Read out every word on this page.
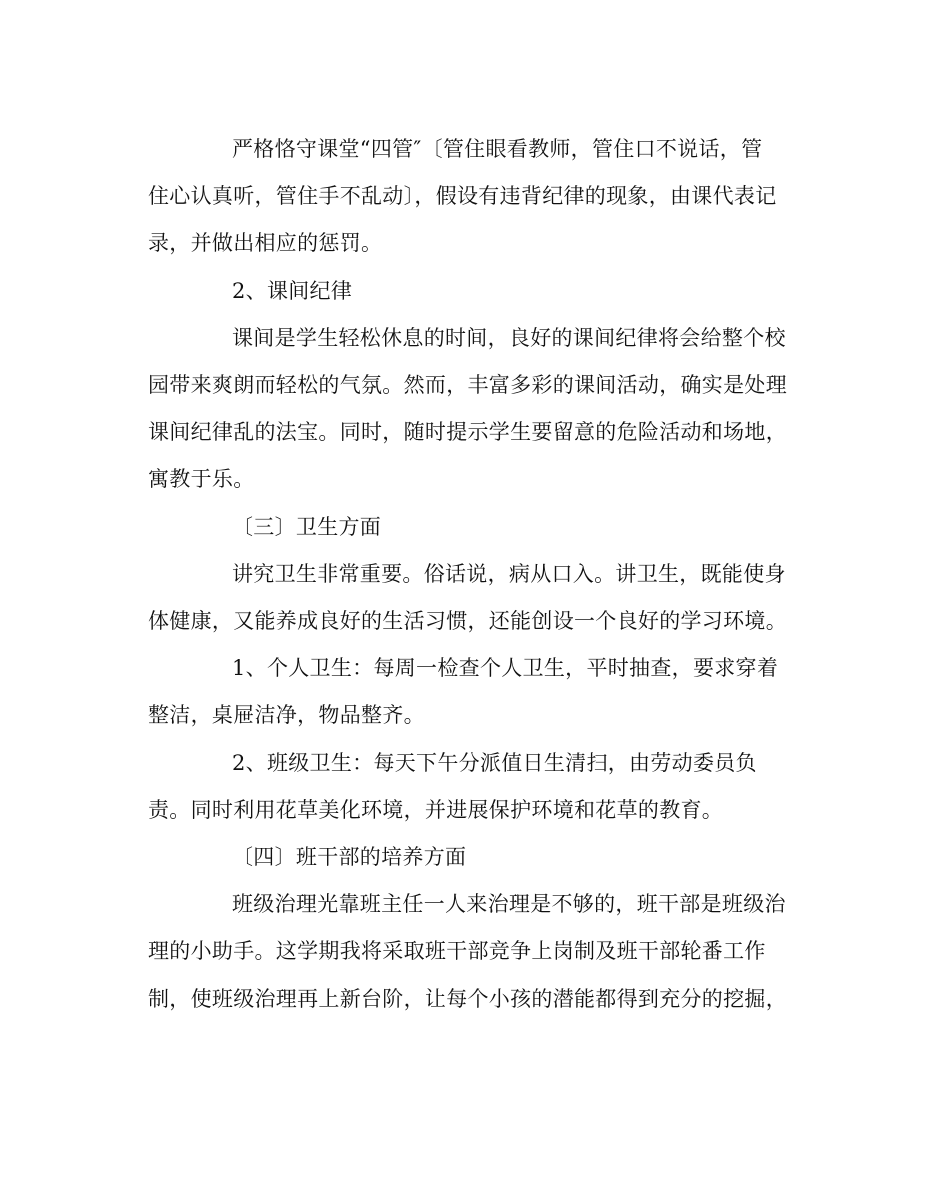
严格恪守课堂“四管″〔管住眼看教师，管住口不说话，管
住心认真听，管住手不乱动〕，假设有违背纪律的现象，由课代表记
录，并做出相应的惩罚。
2、课间纪律
课间是学生轻松休息的时间，良好的课间纪律将会给整个校
园带来爽朗而轻松的气氛。然而，丰富多彩的课间活动，确实是处理
课间纪律乱的法宝。同时，随时提示学生要留意的危险活动和场地，
寓教于乐。
〔三〕卫生方面
讲究卫生非常重要。俗话说，病从口入。讲卫生，既能使身
体健康，又能养成良好的生活习惯，还能创设一个良好的学习环境。
1、个人卫生：每周一检查个人卫生，平时抽查，要求穿着
整洁，桌屉洁净，物品整齐。
2、班级卫生：每天下午分派值日生清扫，由劳动委员负
责。同时利用花草美化环境，并进展保护环境和花草的教育。
〔四〕班干部的培养方面
班级治理光靠班主任一人来治理是不够的，班干部是班级治
理的小助手。这学期我将采取班干部竞争上岗制及班干部轮番工作
制，使班级治理再上新台阶，让每个小孩的潜能都得到充分的挖掘，
